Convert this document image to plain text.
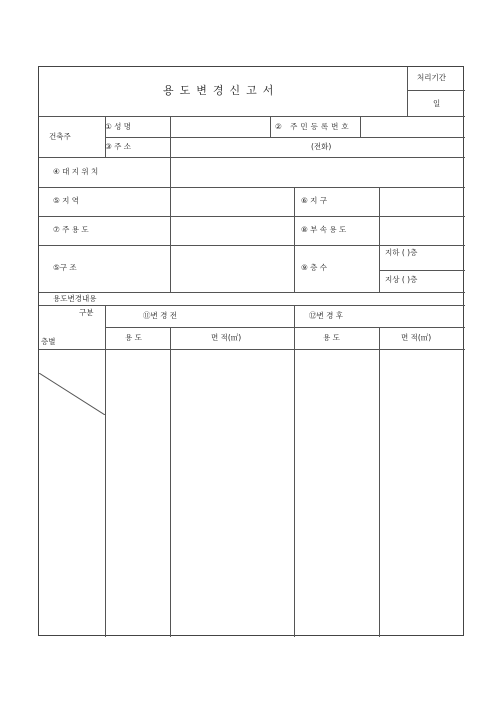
용도변경신고서
처리기간
일
건축주
① 성 명	② 주민등록번호
③ 주 소	(전화)
④ 대 지 위 치
⑤ 지 역	⑥ 지 구
⑦ 주 용 도	⑧ 부 속 용 도
⑤구 조	⑨ 층 수
지하 ( )층
지상 ( )층
용도변경내용
구분
층별
⑪변 경 전	⑫변 경 후
용 도	면 적(㎡)	용 도	면 적(㎡)
